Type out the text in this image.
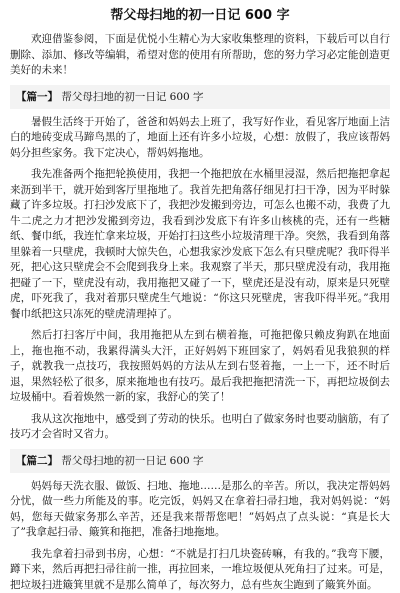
帮父母扫地的初一日记 600 字

欢迎借鉴参阅，下面是优悦小生精心为大家收集整理的资料，下载后可以自行删除、添加、修改等编辑，希望对您的使用有所帮助，您的努力学习必定能创造更美好的未来！

【篇一】 帮父母扫地的初一日记 600 字

暑假生活终于开始了，爸爸和妈妈去上班了，我写好作业，看见客厅地面上洁白的地砖变成马蹄鸟黑的了，地面上还有许多小垃圾，心想：放假了，我应该帮妈妈分担些家务。我下定决心，帮妈妈拖地。

我先准备两个拖把轮换使用，我把一个拖把放在水桶里浸湿，然后把拖把拿起来沥到半干，就开始到客厅里拖地了。我首先把角落仔细见打扫干净，因为平时躲藏了许多垃圾。打扫沙发底下了，我把沙发搬到旁边，可怎么也搬不动，我费了九牛二虎之力才把沙发搬到旁边，我看到沙发底下有许多山核桃的壳，还有一些糖纸、餐巾纸，我连忙拿来垃圾，开始打扫这些小垃圾清理干净。突然，我看到角落里躲着一只壁虎，我顿时大惊失色，心想我家沙发底下怎么有只壁虎呢？我吓得半死，把心这只壁虎会不会爬到我身上来。我观察了半天，那只壁虎没有动，我用拖把碰了一下，壁虎没有动，我用拖把又碰了一下，壁虎还是没有动，原来是只死壁虎，吓死我了，我对着那只壁虎生气地说：“你这只死壁虎，害我吓得半死。”我用餐巾纸把这只冻死的壁虎清理掉了。

然后打扫客厅中间，我用拖把从左到右横着拖，可拖把像只赖皮狗趴在地面上，拖也拖不动，我累得满头大汗，正好妈妈下班回家了，妈妈看见我狼狈的样子，就教我一点技巧，我按照妈妈的方法从左到右竖着拖，一上一下，还不时后退，果然轻松了很多，原来拖地也有技巧。最后我把拖把清洗一下，再把垃圾倒去垃圾桶中。看着焕然一新的家，我舒心的笑了！

我从这次拖地中，感受到了劳动的快乐。也明白了做家务时也要动脑筋，有了技巧才会省时又省力。

【篇二】 帮父母扫地的初一日记 600 字

妈妈每天洗衣服、做饭、扫地、拖地……是那么的辛苦。所以，我决定帮妈妈分忧，做一些力所能及的事。吃完饭，妈妈又在拿着扫帚扫地，我对妈妈说：“妈妈，您每天做家务那么辛苦，还是我来帮帮您吧！”妈妈点了点头说：“真是长大了”我拿起扫帚、簸箕和拖把，准备扫地拖地。

我先拿着扫帚到书房，心想：“不就是打扫几块瓷砖嘛，有我的。”我弯下腰，蹲下来，然后再把扫帚往前一推，再拉回来，一堆垃圾便从死角扫了过来。可是，把垃圾扫进簸箕里就不是那么简单了，每次努力，总有些灰尘跑到了簸箕外面。
